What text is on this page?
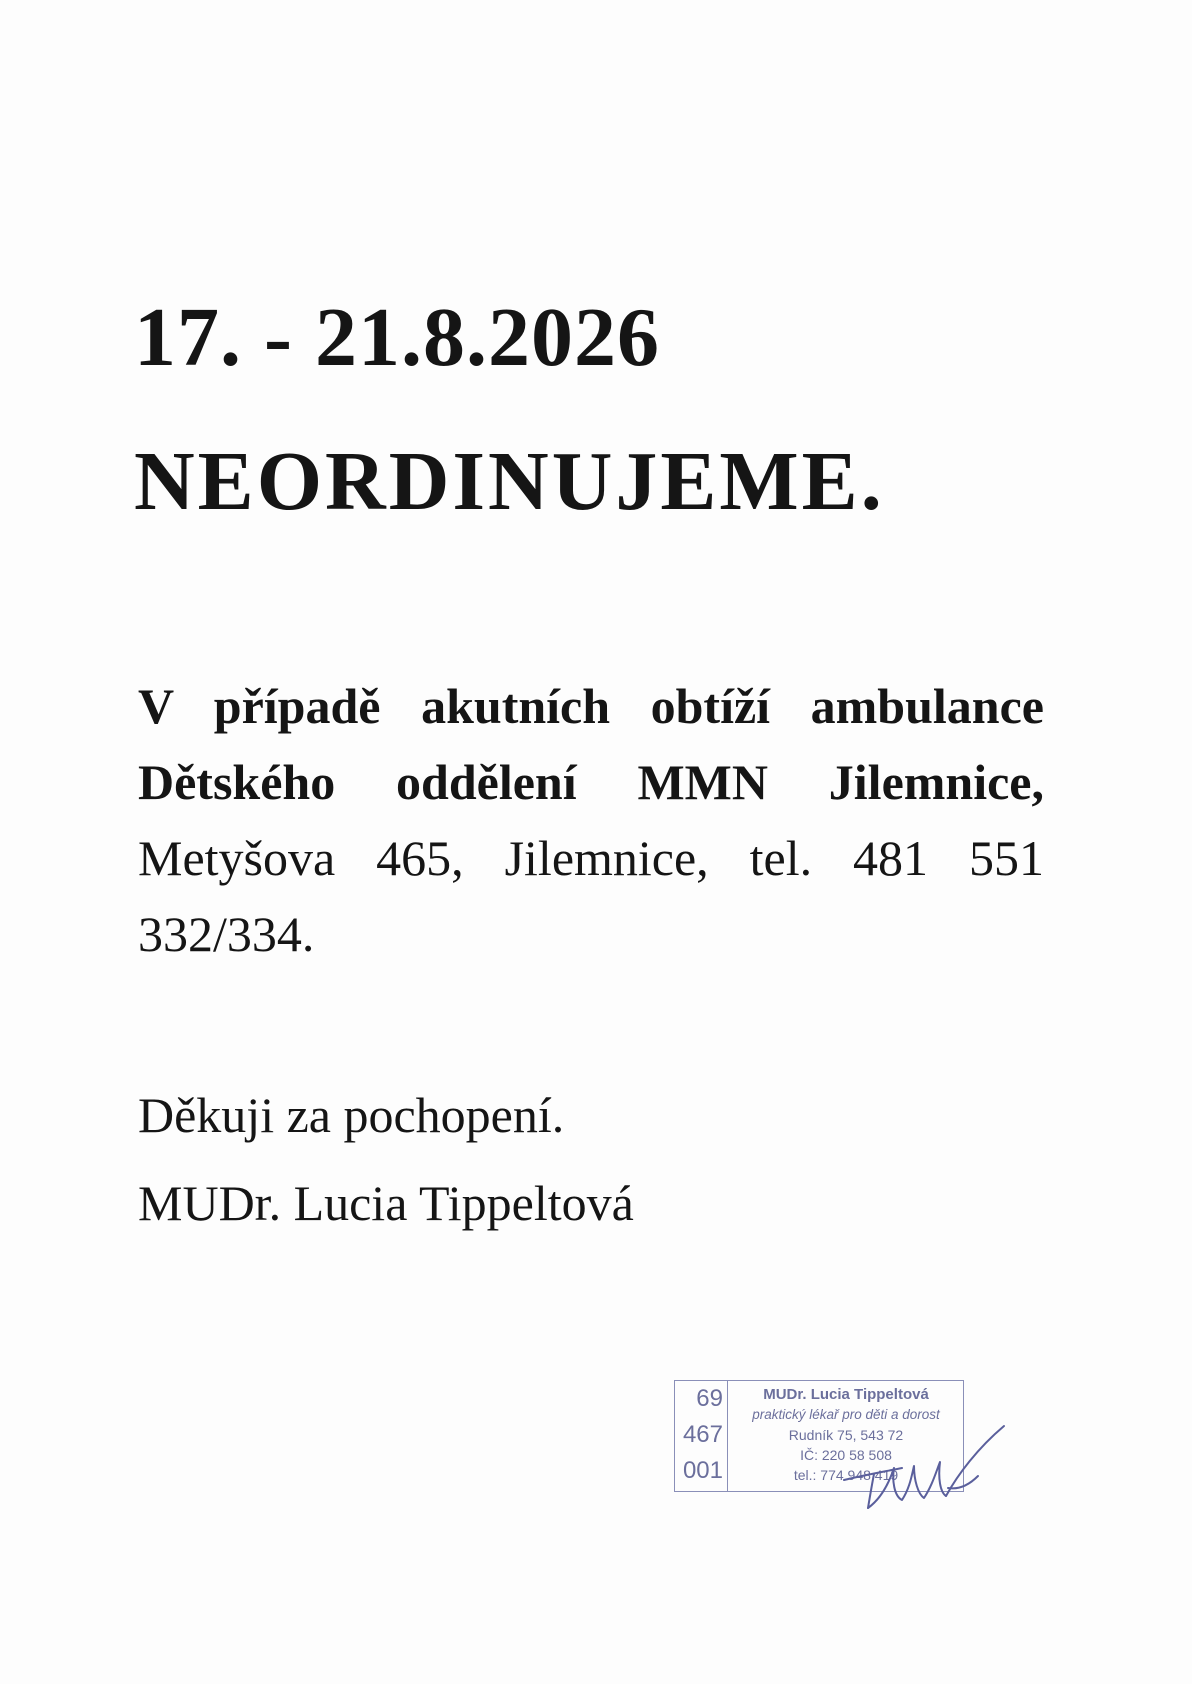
17. - 21.8.2026
NEORDINUJEME.
V případě akutních obtíží ambulance Dětského oddělení MMN Jilemnice, Metyšova 465, Jilemnice, tel. 481 551 332/334.
Děkuji za pochopení.
MUDr. Lucia Tippeltová
69
467
001
MUDr. Lucia Tippeltová
praktický lékař pro děti a dorost
Rudník 75, 543 72
IČ: 220 58 508
tel.: 774 948 419
